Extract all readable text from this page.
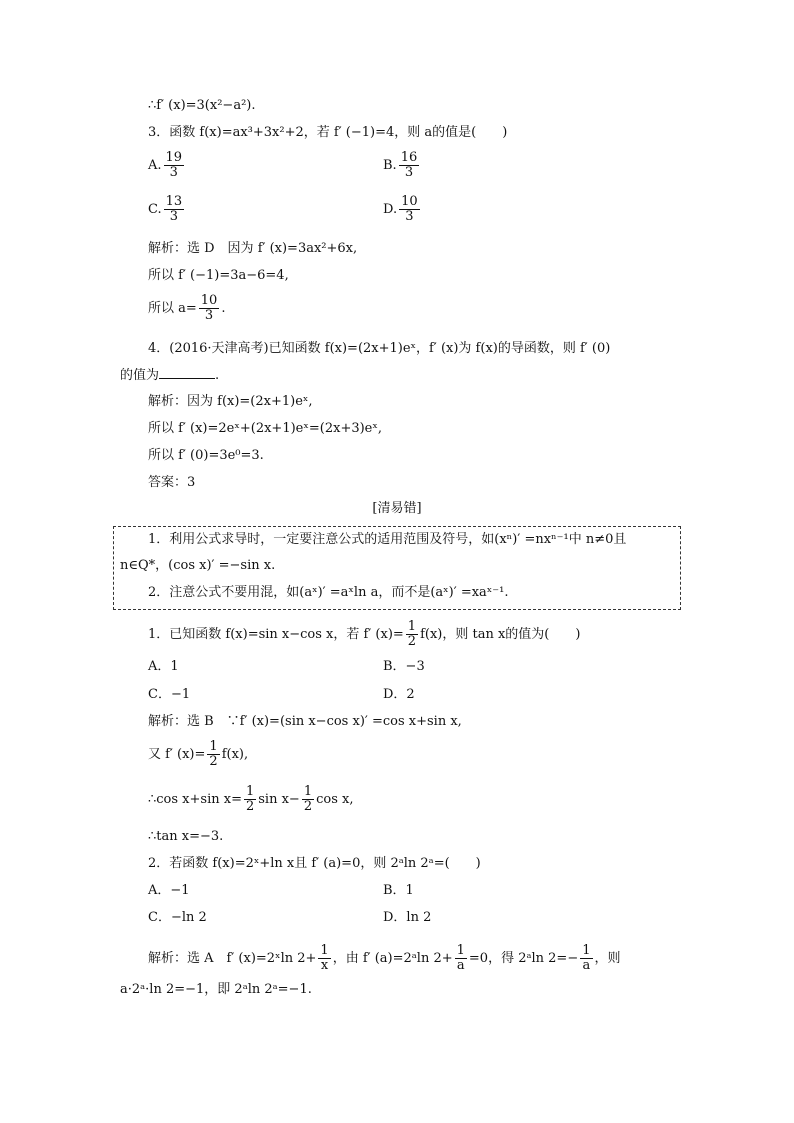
∴f′ (x)=3(x²−a²).
3．函数 f(x)=ax³+3x²+2，若 f′ (−1)=4，则 a的值是(　　)
A. $\frac{19}{3}$	B. $\frac{16}{3}$
C. $\frac{13}{3}$	D. $\frac{10}{3}$
解析：选 D　因为 f′ (x)=3ax²+6x,
所以 f′ (−1)=3a−6=4,
所以 $a= \frac{10}{3}$ .
4．(2016·天津高考)已知函数 f(x)=(2x+1)eˣ，f′ (x)为 f(x)的导函数，则 f′ (0)
的值为	.
解析：因为 f(x)=(2x+1)eˣ,
所以 f′ (x)=2eˣ+(2x+1)eˣ=(2x+3)eˣ,
所以 f′ (0)=3e⁰=3.
答案：3
[清易错]
1．利用公式求导时，一定要注意公式的适用范围及符号，如(xⁿ)′ =nxⁿ⁻¹中 n≠0且
n∈Q*，(cos x)′ =−sin x.
2．注意公式不要用混，如(aˣ)′ =aˣln a，而不是(aˣ)′ =xaˣ⁻¹.
1．已知函数 f(x)=sin x−cos x，若 f′ $(x)= \frac{1}{2} f(x)$，则 tan x的值为(　　)
A．1	B．−3
C．−1	D．2
解析：选 B　∵f′ (x)=(sin x−cos x)′ =cos x+sin x,
又 f′ $(x)= \frac{1}{2} f(x)$,
∴cos x+sin $x= \frac{1}{2}$ $\sin x- \frac{1}{2}$ cos x,
∴tan x=−3.
2．若函数 f(x)=2ˣ+ln x且 f′ (a)=0，则 2ᵃln 2ᵃ=(　　)
A．−1	B．1
C．−ln 2	D．ln 2
解析：选 A　f′ (x)=2ˣln $2+ \frac{1}{x}$ ，由 f′ (a)=2ᵃln $2+ \frac{1}{a} =0$，得 2ᵃln $2=- \frac{1}{a}$ ，则
a·2ᵃ·ln 2=−1，即 2ᵃln 2ᵃ=−1.
